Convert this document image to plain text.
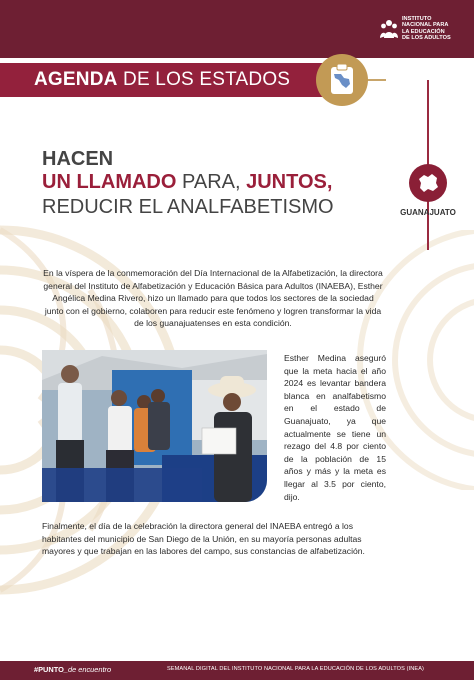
INSTITUTO
NACIONAL PARA
LA EDUCACIÓN
DE LOS ADULTOS
AGENDA DE LOS ESTADOS
HACEN
UN LLAMADO PARA, JUNTOS,
REDUCIR EL ANALFABETISMO	GUANAJUATO
En la víspera de la conmemoración del Día Internacional de la Alfabetización, la directora general del Instituto de Alfabetización y Educación Básica para Adultos (INAEBA), Esther Angélica Medina Rivero, hizo un llamado para que todos los sectores de la sociedad junto con el gobierno, colaboren para reducir este fenómeno y logren transformar la vida de los guanajuatenses en esta condición.
Esther Medina aseguró que la meta hacia el año 2024 es levantar bandera blanca en analfabetismo en el estado de Guanajuato, ya que actualmente se tiene un rezago del 4.8 por ciento de la población de 15 años y más y la meta es llegar al 3.5 por ciento, dijo.
Finalmente, el día de la celebración la directora general del INAEBA entregó a los habitantes del municipio de San Diego de la Unión, en su mayoría personas adultas mayores y que trabajan en las labores del campo, sus constancias de alfabetización.
#PUNTO_de encuentro	SEMANAL DIGITAL DEL INSTITUTO NACIONAL PARA LA EDUCACIÓN DE LOS ADULTOS (INEA)
